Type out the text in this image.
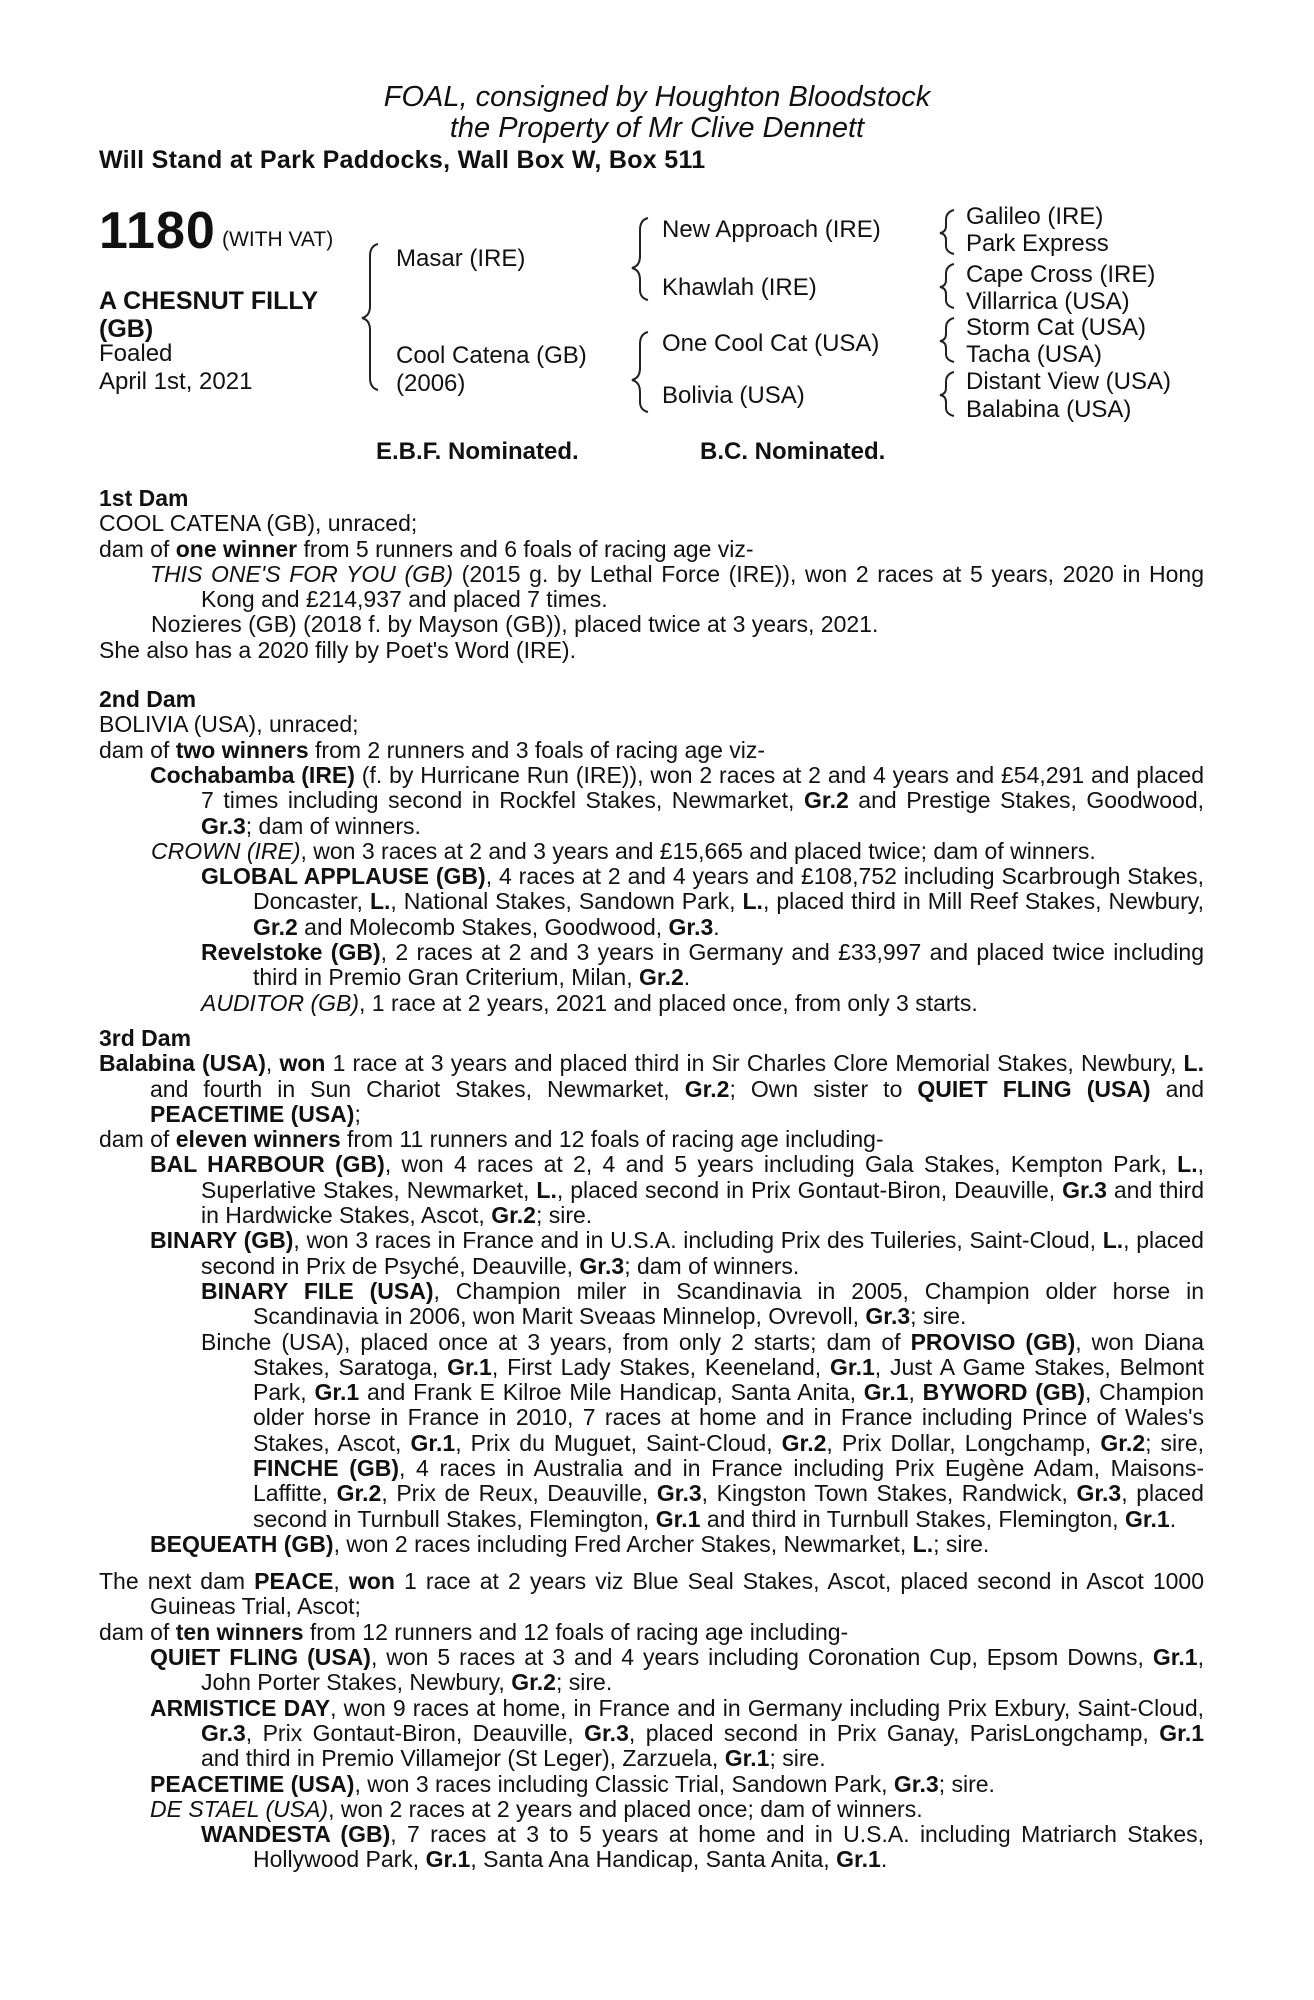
FOAL, consigned by Houghton Bloodstock
the Property of Mr Clive Dennett
Will Stand at Park Paddocks, Wall Box W, Box 511
1180 (WITH VAT)
A CHESNUT FILLY
(GB)
Foaled
April 1st, 2021
Masar (IRE)
Cool Catena (GB)
(2006)
New Approach (IRE)
Khawlah (IRE)
One Cool Cat (USA)
Bolivia (USA)
Galileo (IRE)
Park Express
Cape Cross (IRE)
Villarrica (USA)
Storm Cat (USA)
Tacha (USA)
Distant View (USA)
Balabina (USA)
E.B.F. Nominated.	B.C. Nominated.

1st Dam

COOL CATENA (GB), unraced;

dam of one winner from 5 runners and 6 foals of racing age viz-

THIS ONE'S FOR YOU (GB) (2015 g. by Lethal Force (IRE)), won 2 races at 5 years, 2020 in Hong Kong and £214,937 and placed 7 times.

Nozieres (GB) (2018 f. by Mayson (GB)), placed twice at 3 years, 2021.

She also has a 2020 filly by Poet's Word (IRE).

2nd Dam

BOLIVIA (USA), unraced;

dam of two winners from 2 runners and 3 foals of racing age viz-

Cochabamba (IRE) (f. by Hurricane Run (IRE)), won 2 races at 2 and 4 years and £54,291 and placed 7 times including second in Rockfel Stakes, Newmarket, Gr.2 and Prestige Stakes, Goodwood, Gr.3; dam of winners.

CROWN (IRE), won 3 races at 2 and 3 years and £15,665 and placed twice; dam of winners.

GLOBAL APPLAUSE (GB), 4 races at 2 and 4 years and £108,752 including Scarbrough Stakes, Doncaster, L., National Stakes, Sandown Park, L., placed third in Mill Reef Stakes, Newbury, Gr.2 and Molecomb Stakes, Goodwood, Gr.3.

Revelstoke (GB), 2 races at 2 and 3 years in Germany and £33,997 and placed twice including third in Premio Gran Criterium, Milan, Gr.2.

AUDITOR (GB), 1 race at 2 years, 2021 and placed once, from only 3 starts.

3rd Dam

Balabina (USA), won 1 race at 3 years and placed third in Sir Charles Clore Memorial Stakes, Newbury, L. and fourth in Sun Chariot Stakes, Newmarket, Gr.2; Own sister to QUIET FLING (USA) and PEACETIME (USA);

dam of eleven winners from 11 runners and 12 foals of racing age including-

BAL HARBOUR (GB), won 4 races at 2, 4 and 5 years including Gala Stakes, Kempton Park, L., Superlative Stakes, Newmarket, L., placed second in Prix Gontaut-Biron, Deauville, Gr.3 and third in Hardwicke Stakes, Ascot, Gr.2; sire.

BINARY (GB), won 3 races in France and in U.S.A. including Prix des Tuileries, Saint-Cloud, L., placed second in Prix de Psyché, Deauville, Gr.3; dam of winners.

BINARY FILE (USA), Champion miler in Scandinavia in 2005, Champion older horse in Scandinavia in 2006, won Marit Sveaas Minnelop, Ovrevoll, Gr.3; sire.

Binche (USA), placed once at 3 years, from only 2 starts; dam of PROVISO (GB), won Diana Stakes, Saratoga, Gr.1, First Lady Stakes, Keeneland, Gr.1, Just A Game Stakes, Belmont Park, Gr.1 and Frank E Kilroe Mile Handicap, Santa Anita, Gr.1, BYWORD (GB), Champion older horse in France in 2010, 7 races at home and in France including Prince of Wales's Stakes, Ascot, Gr.1, Prix du Muguet, Saint-Cloud, Gr.2, Prix Dollar, Longchamp, Gr.2; sire, FINCHE (GB), 4 races in Australia and in France including Prix Eugène Adam, Maisons-Laffitte, Gr.2, Prix de Reux, Deauville, Gr.3, Kingston Town Stakes, Randwick, Gr.3, placed second in Turnbull Stakes, Flemington, Gr.1 and third in Turnbull Stakes, Flemington, Gr.1.

BEQUEATH (GB), won 2 races including Fred Archer Stakes, Newmarket, L.; sire.

The next dam PEACE, won 1 race at 2 years viz Blue Seal Stakes, Ascot, placed second in Ascot 1000 Guineas Trial, Ascot;

dam of ten winners from 12 runners and 12 foals of racing age including-

QUIET FLING (USA), won 5 races at 3 and 4 years including Coronation Cup, Epsom Downs, Gr.1, John Porter Stakes, Newbury, Gr.2; sire.

ARMISTICE DAY, won 9 races at home, in France and in Germany including Prix Exbury, Saint-Cloud, Gr.3, Prix Gontaut-Biron, Deauville, Gr.3, placed second in Prix Ganay, ParisLongchamp, Gr.1 and third in Premio Villamejor (St Leger), Zarzuela, Gr.1; sire.

PEACETIME (USA), won 3 races including Classic Trial, Sandown Park, Gr.3; sire.

DE STAEL (USA), won 2 races at 2 years and placed once; dam of winners.

WANDESTA (GB), 7 races at 3 to 5 years at home and in U.S.A. including Matriarch Stakes, Hollywood Park, Gr.1, Santa Ana Handicap, Santa Anita, Gr.1.
